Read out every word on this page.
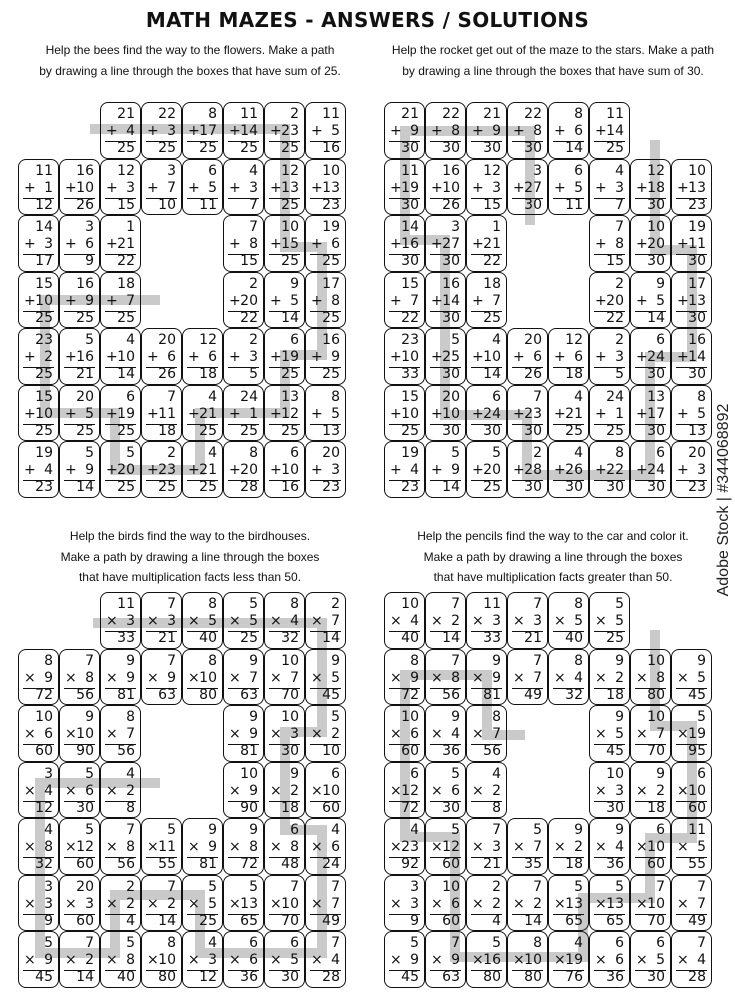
MATH MAZES - ANSWERS / SOLUTIONS
Help the bees find the way to the flowers. Make a path
by drawing a line through the boxes that have sum of 25.
Help the rocket get out of the maze to the stars. Make a path
by drawing a line through the boxes that have sum of 30.
Help the birds find the way to the birdhouses.
Make a path by drawing a line through the boxes
that have multiplication facts less than 50.
Help the pencils find the way to the car and color it.
Make a path by drawing a line through the boxes
that have multiplication facts greater than 50.
21
+ 4
25
22
+ 3
25
8
+ 17
25
11
+ 14
25
2
+ 23
25
11
+ 5
16
11
+ 1
12
16
+ 10
26
12
+ 3
15
3
+ 7
10
6
+ 5
11
4
+ 3
7
12
+ 13
25
10
+ 13
23
14
+ 3
17
3
+ 6
9
1
+ 21
22
7
+ 8
15
10
+ 15
25
19
+ 6
25
15
+ 10
25
16
+ 9
25
18
+ 7
25
2
+ 20
22
9
+ 5
14
17
+ 8
25
23
+ 2
25
5
+ 16
21
4
+ 10
14
20
+ 6
26
12
+ 6
18
2
+ 3
5
6
+ 19
25
16
+ 9
25
15
+ 10
25
20
+ 5
25
6
+ 19
25
7
+ 11
18
4
+ 21
25
24
+ 1
25
13
+ 12
25
8
+ 5
13
19
+ 4
23
5
+ 9
14
5
+ 20
25
2
+ 23
25
4
+ 21
25
8
+ 20
28
6
+ 10
16
20
+ 3
23
21
+ 9
30
22
+ 8
30
21
+ 9
30
22
+ 8
30
8
+ 6
14
11
+ 14
25
11
+ 19
30
16
+ 10
26
12
+ 3
15
3
+ 27
30
6
+ 5
11
4
+ 3
7
12
+ 18
30
10
+ 13
23
14
+ 16
30
3
+ 27
30
1
+ 21
22
7
+ 8
15
10
+ 20
30
19
+ 11
30
15
+ 7
22
16
+ 14
30
18
+ 7
25
2
+ 20
22
9
+ 5
14
17
+ 13
30
23
+ 10
33
5
+ 25
30
4
+ 10
14
20
+ 6
26
12
+ 6
18
2
+ 3
5
6
+ 24
30
16
+ 14
30
15
+ 10
25
20
+ 10
30
6
+ 24
30
7
+ 23
30
4
+ 21
25
24
+ 1
25
13
+ 17
30
8
+ 5
13
19
+ 4
23
5
+ 9
14
5
+ 20
25
2
+ 28
30
4
+ 26
30
8
+ 22
30
6
+ 24
30
20
+ 3
23
11
× 3
33
7
× 3
21
8
× 5
40
5
× 5
25
8
× 4
32
2
× 7
14
8
× 9
72
7
× 8
56
9
× 9
81
7
× 9
63
8
× 10
80
9
× 7
63
10
× 7
70
9
× 5
45
10
× 6
60
9
× 10
90
8
× 7
56
9
× 9
81
10
× 3
30
5
× 2
10
3
× 4
12
5
× 6
30
4
× 2
8
10
× 9
90
9
× 2
18
6
× 10
60
4
× 8
32
5
× 12
60
7
× 8
56
5
× 11
55
9
× 9
81
9
× 8
72
6
× 8
48
4
× 6
24
3
× 3
9
20
× 3
60
2
× 2
4
7
× 2
14
5
× 5
25
5
× 13
65
7
× 10
70
7
× 7
49
5
× 9
45
7
× 2
14
5
× 8
40
8
× 10
80
4
× 3
12
6
× 6
36
6
× 5
30
7
× 4
28
10
× 4
40
7
× 2
14
11
× 3
33
7
× 3
21
8
× 5
40
5
× 5
25
8
× 9
72
7
× 8
56
9
× 9
81
7
× 7
49
8
× 4
32
9
× 2
18
10
× 8
80
9
× 5
45
10
× 6
60
9
× 4
36
8
× 7
56
9
× 5
45
10
× 7
70
5
× 19
95
6
× 12
72
5
× 6
30
4
× 2
8
10
× 3
30
9
× 2
18
6
× 10
60
4
× 23
92
5
× 12
60
7
× 3
21
5
× 7
35
9
× 2
18
9
× 4
36
6
× 10
60
11
× 5
55
3
× 3
9
10
× 6
60
2
× 2
4
7
× 2
14
5
× 13
65
5
× 13
65
7
× 10
70
7
× 7
49
5
× 9
45
7
× 9
63
5
× 16
80
8
× 10
80
4
× 19
76
6
× 6
36
6
× 5
30
7
× 4
28
Adobe Stock | #344068892
